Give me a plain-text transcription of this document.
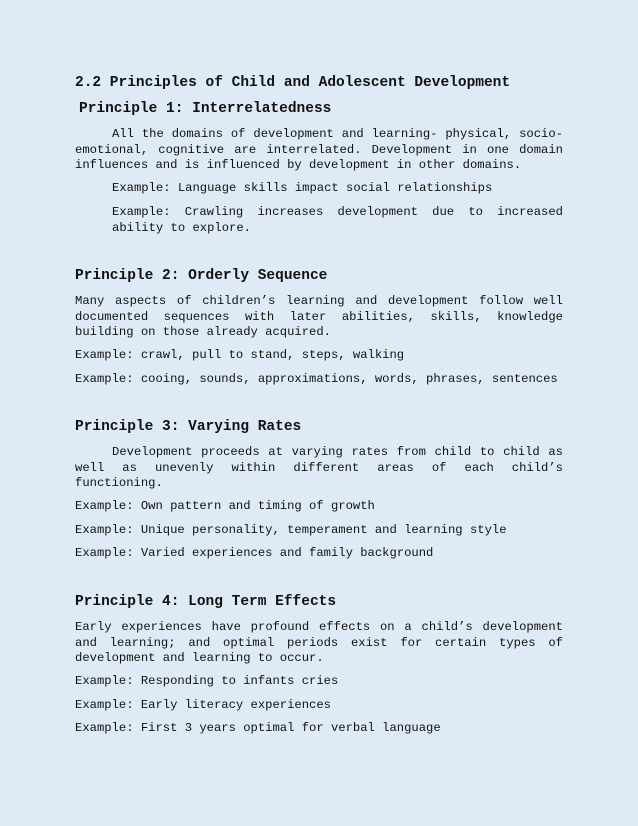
2.2 Principles of Child and Adolescent Development
Principle 1: Interrelatedness

All the domains of development and learning- physical, socio-emotional, cognitive are interrelated. Development in one domain influences and is influenced by development in other domains.

Example: Language skills impact social relationships

Example: Crawling increases development due to increased ability to explore.

Principle 2: Orderly Sequence

Many aspects of children’s learning and development follow well documented sequences with later abilities, skills, knowledge building on those already acquired.

Example: crawl, pull to stand, steps, walking

Example: cooing, sounds, approximations, words, phrases, sentences

Principle 3: Varying Rates

Development proceeds at varying rates from child to child as well as unevenly within different areas of each child’s functioning.

Example: Own pattern and timing of growth

Example: Unique personality, temperament and learning style

Example: Varied experiences and family background

Principle 4: Long Term Effects

Early experiences have profound effects on a child’s development and learning; and optimal periods exist for certain types of development and learning to occur.

Example: Responding to infants cries

Example: Early literacy experiences

Example: First 3 years optimal for verbal language
